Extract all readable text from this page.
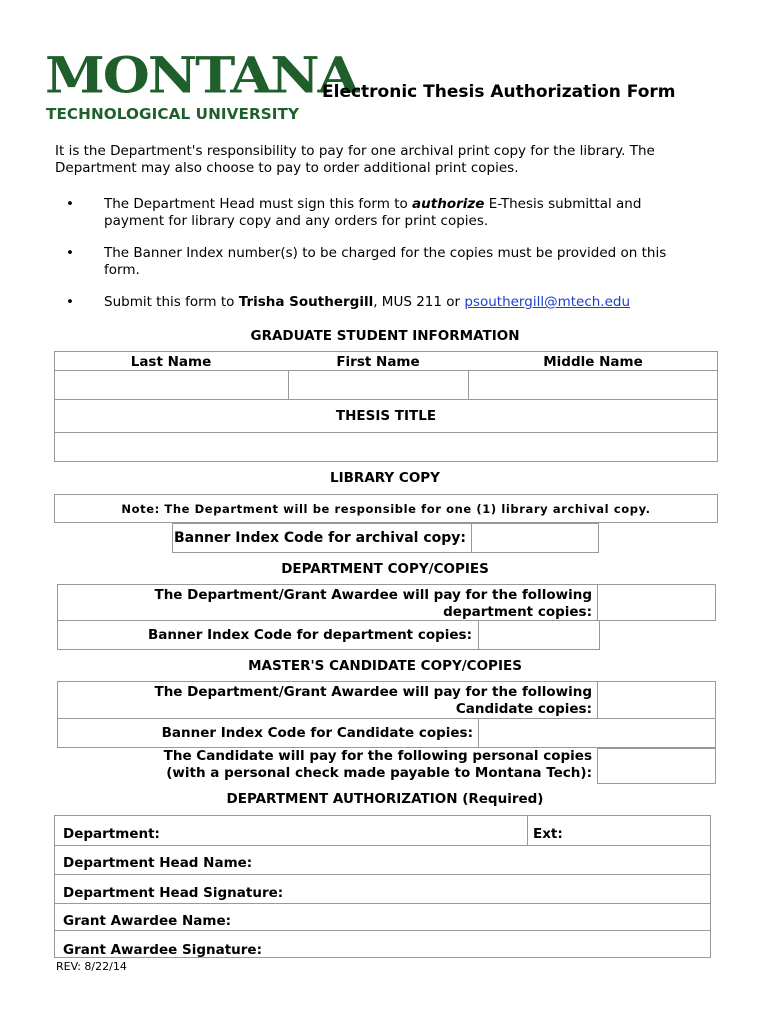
MONTANA
TECHNOLOGICAL UNIVERSITY
Electronic Thesis Authorization Form
It is the Department's responsibility to pay for one archival print copy for the library. The Department may also choose to pay to order additional print copies.
• The Department Head must sign this form to authorize E-Thesis submittal and payment for library copy and any orders for print copies.
• The Banner Index number(s) to be charged for the copies must be provided on this form.
• Submit this form to Trisha Southergill, MUS 211 or psouthergill@mtech.edu
GRADUATE STUDENT INFORMATION
Last Name	First Name	Middle Name
THESIS TITLE
LIBRARY COPY
Note: The Department will be responsible for one (1) library archival copy.
Banner Index Code for archival copy:
DEPARTMENT COPY/COPIES
The Department/Grant Awardee will pay for the following
department copies:
Banner Index Code for department copies:
MASTER'S CANDIDATE COPY/COPIES
The Department/Grant Awardee will pay for the following
Candidate copies:
Banner Index Code for Candidate copies:
The Candidate will pay for the following personal copies
(with a personal check made payable to Montana Tech):
DEPARTMENT AUTHORIZATION (Required)
Department:	Ext:
Department Head Name:
Department Head Signature:
Grant Awardee Name:
Grant Awardee Signature:
REV: 8/22/14
